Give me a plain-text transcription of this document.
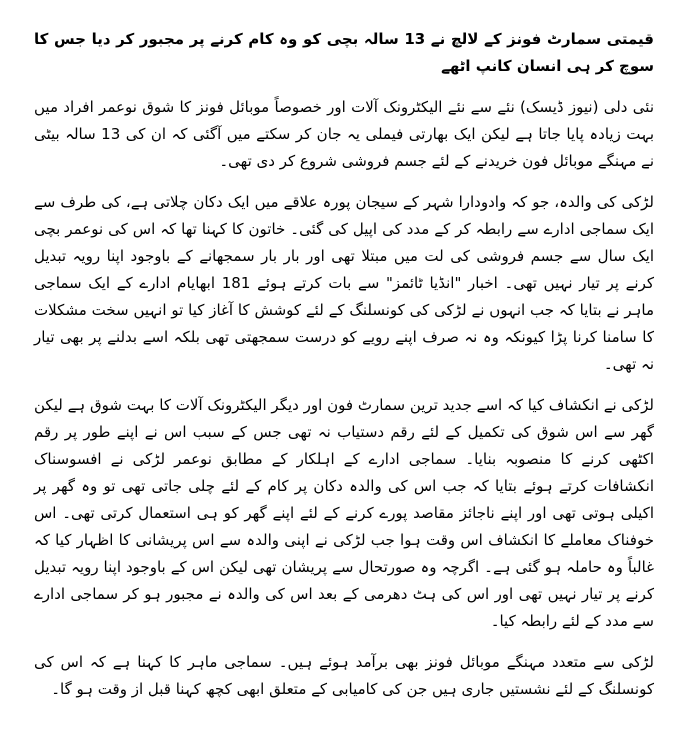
قیمتی سمارٹ فونز کے لالچ نے 13 سالہ بچی کو وہ کام کرنے پر مجبور کر دیا جس کا سوچ کر ہی انسان کانپ اٹھے

نئی دلی (نیوز ڈیسک) نئے سے نئے الیکٹرونک آلات اور خصوصاً موبائل فونز کا شوق نوعمر افراد میں بہت زیادہ پایا جاتا ہے لیکن ایک بھارتی فیملی یہ جان کر سکتے میں آگئی کہ ان کی 13 سالہ بیٹی نے مہنگے موبائل فون خریدنے کے لئے جسم فروشی شروع کر دی تھی۔

لڑکی کی والدہ، جو کہ وادودارا شہر کے سیجان پورہ علاقے میں ایک دکان چلاتی ہے، کی طرف سے ایک سماجی ادارے سے رابطہ کر کے مدد کی اپیل کی گئی۔ خاتون کا کہنا تھا کہ اس کی نوعمر بچی ایک سال سے جسم فروشی کی لت میں مبتلا تھی اور بار بار سمجھانے کے باوجود اپنا رویہ تبدیل کرنے پر تیار نہیں تھی۔ اخبار "انڈیا ٹائمز" سے بات کرتے ہوئے 181 ابھایام ادارے کے ایک سماجی ماہر نے بتایا کہ جب انہوں نے لڑکی کی کونسلنگ کے لئے کوشش کا آغاز کیا تو انہیں سخت مشکلات کا سامنا کرنا پڑا کیونکہ وہ نہ صرف اپنے رویے کو درست سمجھتی تھی بلکہ اسے بدلنے پر بھی تیار نہ تھی۔

لڑکی نے انکشاف کیا کہ اسے جدید ترین سمارٹ فون اور دیگر الیکٹرونک آلات کا بہت شوق ہے لیکن گھر سے اس شوق کی تکمیل کے لئے رقم دستیاب نہ تھی جس کے سبب اس نے اپنے طور پر رقم اکٹھی کرنے کا منصوبہ بنایا۔ سماجی ادارے کے اہلکار کے مطابق نوعمر لڑکی نے افسوسناک انکشافات کرتے ہوئے بتایا کہ جب اس کی والدہ دکان پر کام کے لئے چلی جاتی تھی تو وہ گھر پر اکیلی ہوتی تھی اور اپنے ناجائز مقاصد پورے کرنے کے لئے اپنے گھر کو ہی استعمال کرتی تھی۔ اس خوفناک معاملے کا انکشاف اس وقت ہوا جب لڑکی نے اپنی والدہ سے اس پریشانی کا اظہار کیا کہ غالباً وہ حاملہ ہو گئی ہے۔ اگرچہ وہ صورتحال سے پریشان تھی لیکن اس کے باوجود اپنا رویہ تبدیل کرنے پر تیار نہیں تھی اور اس کی ہٹ دھرمی کے بعد اس کی والدہ نے مجبور ہو کر سماجی ادارے سے مدد کے لئے رابطہ کیا۔

لڑکی سے متعدد مہنگے موبائل فونز بھی برآمد ہوئے ہیں۔ سماجی ماہر کا کہنا ہے کہ اس کی کونسلنگ کے لئے نشستیں جاری ہیں جن کی کامیابی کے متعلق ابھی کچھ کہنا قبل از وقت ہو گا۔
